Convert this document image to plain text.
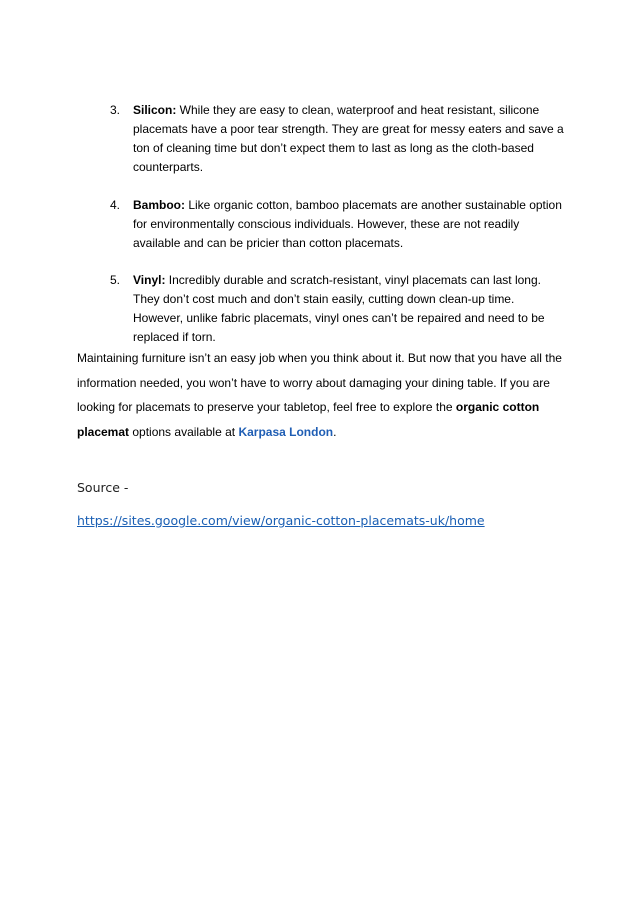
3. Silicon: While they are easy to clean, waterproof and heat resistant, silicone placemats have a poor tear strength. They are great for messy eaters and save a ton of cleaning time but don’t expect them to last as long as the cloth-based counterparts.
4. Bamboo: Like organic cotton, bamboo placemats are another sustainable option for environmentally conscious individuals. However, these are not readily available and can be pricier than cotton placemats.
5. Vinyl: Incredibly durable and scratch-resistant, vinyl placemats can last long. They don’t cost much and don’t stain easily, cutting down clean-up time. However, unlike fabric placemats, vinyl ones can’t be repaired and need to be replaced if torn.

Maintaining furniture isn’t an easy job when you think about it. But now that you have all the information needed, you won’t have to worry about damaging your dining table. If you are looking for placemats to preserve your tabletop, feel free to explore the organic cotton placemat options available at Karpasa London.

Source -
https://sites.google.com/view/organic-cotton-placemats-uk/home
